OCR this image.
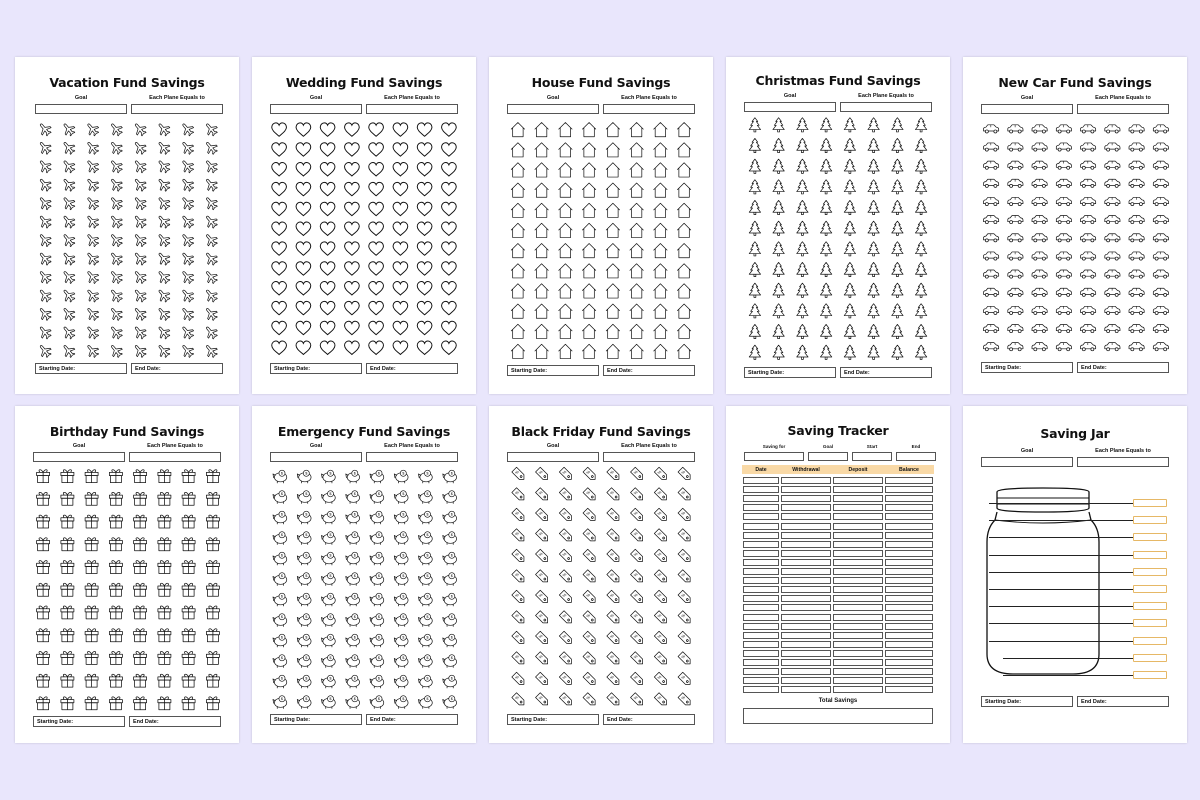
Vacation Fund Savings
Goal	Each Plane Equals to
Starting Date:	End Date:
Wedding Fund Savings
Goal	Each Plane Equals to
Starting Date:	End Date:
House Fund Savings
Goal	Each Plane Equals to
Starting Date:	End Date:
Christmas Fund Savings
Goal	Each Plane Equals to
Starting Date:	End Date:
New Car Fund Savings
Goal	Each Plane Equals to
Starting Date:	End Date:
Birthday Fund Savings
Goal	Each Plane Equals to
Starting Date:	End Date:
Emergency Fund Savings
Goal	Each Plane Equals to
$	$	$	$	$	$	$	$
$	$	$	$	$	$	$	$
$	$	$	$	$	$	$	$
$	$	$	$	$	$	$	$
$	$	$	$	$	$	$	$
$	$	$	$	$	$	$	$
$	$	$	$	$	$	$	$
$	$	$	$	$	$	$	$
$	$	$	$	$	$	$	$
$	$	$	$	$	$	$	$
$	$	$	$	$	$	$	$
$	$	$	$	$	$	$	$
Starting Date:	End Date:
Black Friday Fund Savings
Goal	Each Plane Equals to
%	%	%	%	%	%	%	%
%	%	%	%	%	%	%	%
%	%	%	%	%	%	%	%
%	%	%	%	%	%	%	%
%	%	%	%	%	%	%	%
%	%	%	%	%	%	%	%
%	%	%	%	%	%	%	%
%	%	%	%	%	%	%	%
%	%	%	%	%	%	%	%
%	%	%	%	%	%	%	%
%	%	%	%	%	%	%	%
%	%	%	%	%	%	%	%
Starting Date:	End Date:
Saving Tracker
Saving for	Goal	Start	End
Date	Withdrawal	Deposit	Balance
Total Savings
Saving Jar
Goal	Each Plane Equals to
Starting Date:	End Date:
